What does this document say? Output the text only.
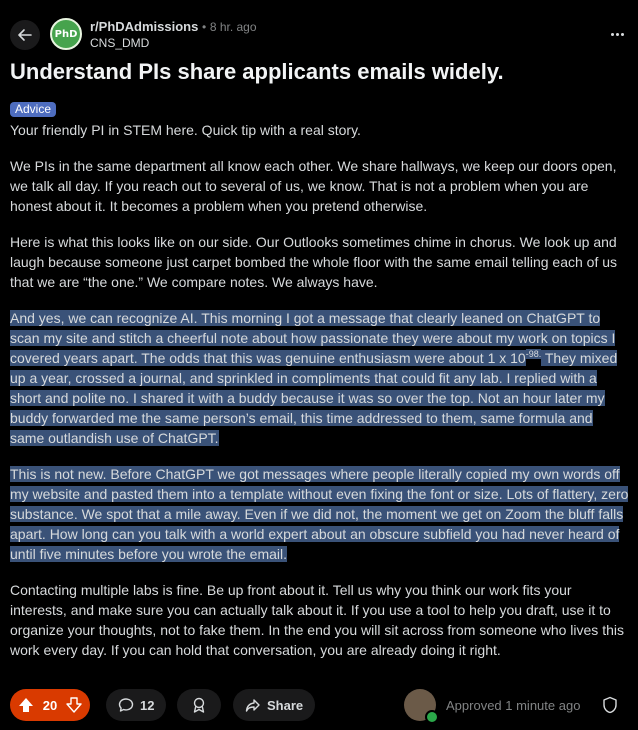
PhD r/PhDAdmissions • 8 hr. ago
CNS_DMD
Understand PIs share applicants emails widely.
Advice

Your friendly PI in STEM here. Quick tip with a real story.

We PIs in the same department all know each other. We share hallways, we keep our doors open, we talk all day. If you reach out to several of us, we know. That is not a problem when you are honest about it. It becomes a problem when you pretend otherwise.

Here is what this looks like on our side. Our Outlooks sometimes chime in chorus. We look up and laugh because someone just carpet bombed the whole floor with the same email telling each of us that we are “the one.” We compare notes. We always have.

And yes, we can recognize AI. This morning I got a message that clearly leaned on ChatGPT to scan my site and stitch a cheerful note about how passionate they were about my work on topics I covered years apart. The odds that this was genuine enthusiasm were about 1 x $10^{-98.}$ They mixed up a year, crossed a journal, and sprinkled in compliments that could fit any lab. I replied with a short and polite no. I shared it with a buddy because it was so over the top. Not an hour later my buddy forwarded me the same person’s email, this time addressed to them, same formula and same outlandish use of ChatGPT.

This is not new. Before ChatGPT we got messages where people literally copied my own words off my website and pasted them into a template without even fixing the font or size. Lots of flattery, zero substance. We spot that a mile away. Even if we did not, the moment we get on Zoom the bluff falls apart. How long can you talk with a world expert about an obscure subfield you had never heard of until five minutes before you wrote the email.

Contacting multiple labs is fine. Be up front about it. Tell us why you think our work fits your interests, and make sure you can actually talk about it. If you use a tool to help you draft, use it to organize your thoughts, not to fake them. In the end you will sit across from someone who lives this work every day. If you can hold that conversation, you are already doing it right.

20	12	Share	Approved 1 minute ago
